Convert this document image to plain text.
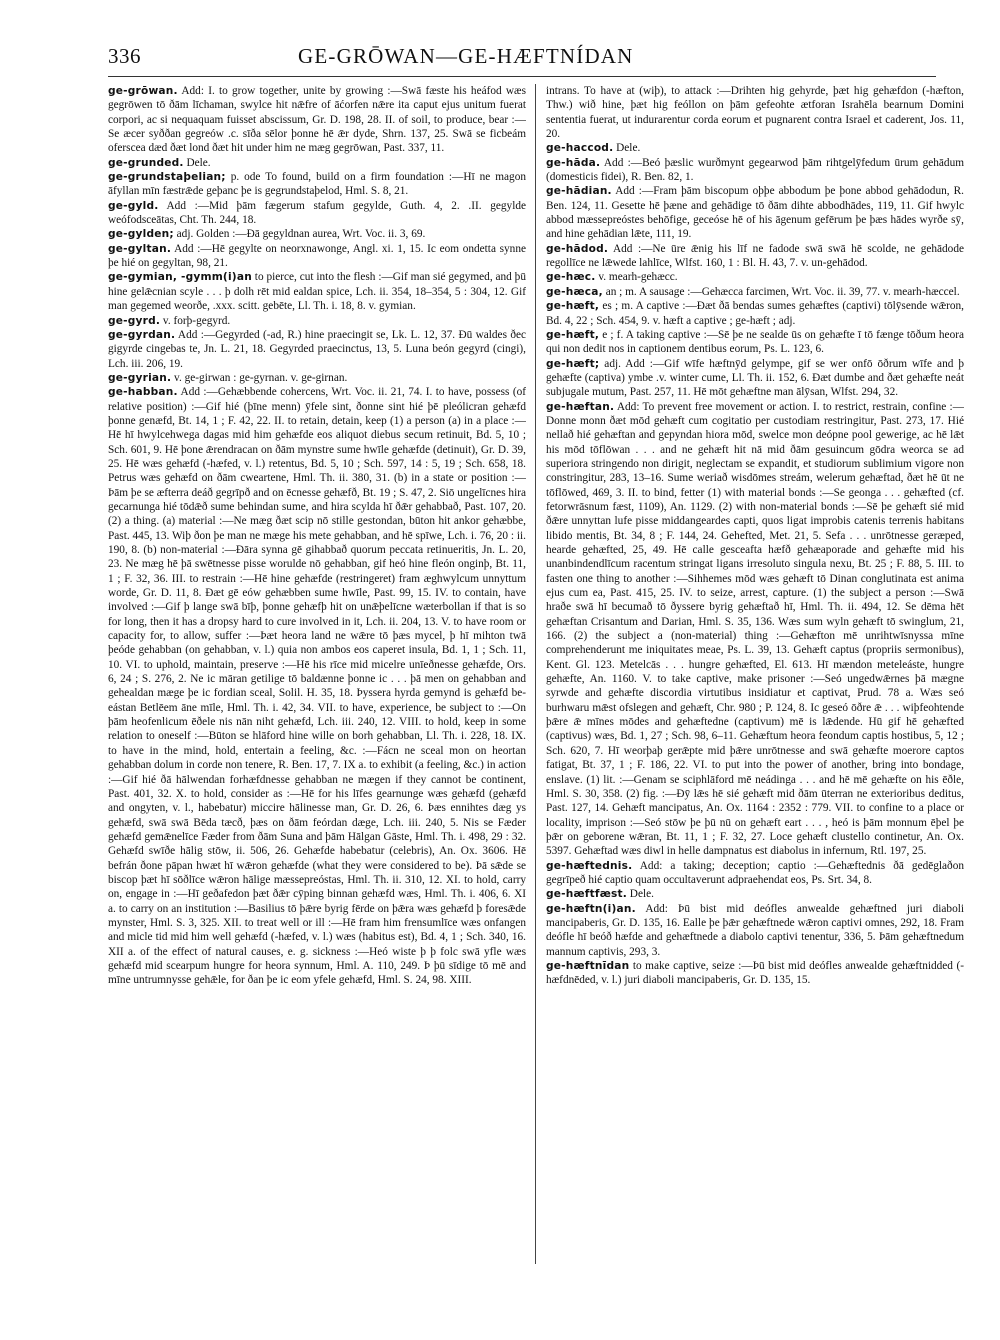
336	GE-GRŌWAN—GE-HÆFTNÍDAN

ge-grōwan. Add: I. to grow together, unite by growing :—Swā fæste his heáfod wæs gegrōwen tō ðām līchaman, swylce hit nǣfre of āćorfen nǣre ita caput ejus unitum fuerat corpori, ac si nequaquam fuisset abscissum, Gr. D. 198, 28. II. of soil, to produce, bear :—Se æcer syððan gegreów .c. sīða sēlor þonne hē ǣr dyde, Shrn. 137, 25. Swā se ficbeám oferscea dæd ðæt lond ðæt hit under him ne mæg gegrōwan, Past. 337, 11.

ge-grunded. Dele.

ge-grundstaþelian; p. ode To found, build on a firm foundation :—Hī ne magon āfyllan mīn fæstrǣde geþanc þe is gegrundstaþelod, Hml. S. 8, 21.

ge-gyld. Add :—Mid þām fægerum stafum gegylde, Guth. 4, 2. .II. gegylde weófodsceātas, Cht. Th. 244, 18.

ge-gylden; adj. Golden :—Ðā gegyldnan aurea, Wrt. Voc. ii. 3, 69.

ge-gyltan. Add :—Hē gegylte on neorxnawonge, Angl. xi. 1, 15. Ic eom ondetta synne þe hié on gegyltan, 98, 21.

ge-gymian, -gymm(i)an to pierce, cut into the flesh :—Gif man sié gegymed, and þū hine gelǣcnian scyle . . . þ dolh rēt mid ealdan spice, Lch. ii. 354, 18–354, 5 : 304, 12. Gif man gegemed weorðe, .xxx. scitt. gebēte, Ll. Th. i. 18, 8. v. gymian.

ge-gyrd. v. forþ-gegyrd.

ge-gyrdan. Add :—Gegyrded (-ad, R.) hine praecingit se, Lk. L. 12, 37. Ðū waldes ðec gigyrde cingebas te, Jn. L. 21, 18. Gegyrded praecinctus, 13, 5. Luna beón gegyrd (cingi), Lch. iii. 206, 19.

ge-gyrian. v. ge-girwan : ge-gyrnan. v. ge-girnan.

ge-habban. Add :—Gehæbbende cohercens, Wrt. Voc. ii. 21, 74. I. to have, possess (of relative position) :—Gif hié (þīne menn) ȳfele sint, ðonne sint hié þē pleólicran gehæfd þonne genæfd, Bt. 14, 1 ; F. 42, 22. II. to retain, detain, keep (1) a person (a) in a place :—Hē hī hwylcehwega dagas mid him gehæfde eos aliquot diebus secum retinuit, Bd. 5, 10 ; Sch. 601, 9. Hē þone ǣrendracan on ðām mynstre sume hwīle gehæfde (detinuit), Gr. D. 39, 25. Hē wæs gehæfd (-hæfed, v. l.) retentus, Bd. 5, 10 ; Sch. 597, 14 : 5, 19 ; Sch. 658, 18. Petrus wæs gehæfd on ðām cweartene, Hml. Th. ii. 380, 31. (b) in a state or position :—Þām þe se æfterra deáð gegrīpð and on ēcnesse gehæfð, Bt. 19 ; S. 47, 2. Siō ungelīcnes hira gecarnunga hié tōdǣð sume behindan sume, and hira scylda hī ðǣr gehabbað, Past. 107, 20. (2) a thing. (a) material :—Ne mæg ðæt scip nō stille gestondan, būton hit ankor gehæbbe, Past. 445, 13. Wiþ ðon þe man ne mæge his mete gehabban, and hē spīwe, Lch. i. 76, 20 : ii. 190, 8. (b) non-material :—Ðāra synna gē gihabbað quorum peccata retinueritis, Jn. L. 20, 23. Ne mæg hē þā swētnesse pisse worulde nō gehabban, gif heó hine fleón onginþ, Bt. 11, 1 ; F. 32, 36. III. to restrain :—Hē hine gehæfde (restringeret) fram æghwylcum unnyttum worde, Gr. D. 11, 8. Ðæt gē eów gehæbben sume hwīle, Past. 99, 15. IV. to contain, have involved :—Gif þ lange swā bīþ, þonne gehæfþ hit on unǣþelīcne wæterbollan if that is so for long, then it has a dropsy hard to cure involved in it, Lch. ii. 204, 13. V. to have room or capacity for, to allow, suffer :—Þæt heora land ne wǣre tō þæs mycel, þ hī mihton twā þeóde gehabban (on gehabban, v. l.) quia non ambos eos caperet insula, Bd. 1, 1 ; Sch. 11, 10. VI. to uphold, maintain, preserve :—Hē his rīce mid micelre unīeðnesse gehæfde, Ors. 6, 24 ; S. 276, 2. Ne ic māran getilige tō baldænne þonne ic . . . þā men on gehabban and gehealdan mæge þe ic fordian sceal, Solil. H. 35, 18. Þyssera hyrda gemynd is gehæfd be-eástan Betlēem āne mīle, Hml. Th. i. 42, 34. VII. to have, experience, be subject to :—On þām heofenlicum ēðele nis nān niht gehæfd, Lch. iii. 240, 12. VIII. to hold, keep in some relation to oneself :—Būton se hlāford hine wille on borh gehabban, Ll. Th. i. 228, 18. IX. to have in the mind, hold, entertain a feeling, &c. :—Fácn ne sceal mon on heortan gehabban dolum in corde non tenere, R. Ben. 17, 7. IX a. to exhibit (a feeling, &c.) in action :—Gif hié ðā hālwendan forhæfdnesse gehabban ne mægen if they cannot be continent, Past. 401, 32. X. to hold, consider as :—Hē for his līfes gearnunge wæs gehæfd (gehæfd and ongyten, v. l., habebatur) miccire hālinesse man, Gr. D. 26, 6. Þæs ennihtes dæg ys gehæfd, swā swā Bēda tæcð, þæs on ðām feórdan dæge, Lch. iii. 240, 5. Nis se Fæder gehæfd gemǣnelīce Fæder from ðām Suna and þām Hālgan Gāste, Hml. Th. i. 498, 29 : 32. Gehæfd swīðe hālig stōw, ii. 506, 26. Gehæfde habebatur (celebris), An. Ox. 3606. Hē befrán ðone pāpan hwæt hī wǣron gehæfde (what they were considered to be). Þā sǣde se biscop þæt hī sōðlīce wǣron hālige mæssepreóstas, Hml. Th. ii. 310, 12. XI. to hold, carry on, engage in :—Hī geðafedon þæt ðǣr cȳping binnan gehæfd wæs, Hml. Th. i. 406, 6. XI a. to carry on an institution :—Basilius tō þǣre byrig fērde on þǣra wæs gehæfd þ foresǣde mynster, Hml. S. 3, 325. XII. to treat well or ill :—Hē fram him frensumlīce wæs onfangen and micle tid mid him well gehæfd (-hæfed, v. l.) wæs (habitus est), Bd. 4, 1 ; Sch. 340, 16. XII a. of the effect of natural causes, e. g. sickness :—Heó wiste þ þ folc swā yfle wæs gehæfd mid scearpum hungre for heora synnum, Hml. A. 110, 249. Þ þū sīdige tō mē and mīne untrumnysse gehǣle, for ðan þe ic eom yfele gehæfd, Hml. S. 24, 98. XIII.

intrans. To have at (wiþ), to attack :—Drihten hig gehyrde, þæt hig gehæfdon (-hæfton, Thw.) wið hine, þæt hig feóllon on þām gefeohte ætforan Israhēla bearnum Domini sententia fuerat, ut indurarentur corda eorum et pugnarent contra Israel et caderent, Jos. 11, 20.

ge-haccod. Dele.

ge-hāda. Add :—Beó þæslic wurðmynt gegearwod þām rihtgelȳfedum ūrum gehādum (domesticis fidei), R. Ben. 82, 1.

ge-hādian. Add :—Fram þām biscopum oþþe abbodum þe þone abbod gehādodun, R. Ben. 124, 11. Gesette hē þæne and gehādige tō ðām dihte abbodhādes, 119, 11. Gif hwylc abbod mæssepreóstes behōfige, geceóse hē of his āgenum gefērum þe þæs hādes wyrðe sȳ, and hine gehādian lǣte, 111, 19.

ge-hādod. Add :—Ne ūre ǣnig his līf ne fadode swā swā hē scolde, ne gehādode regollīce ne lǣwede lahlīce, Wlfst. 160, 1 : Bl. H. 43, 7. v. un-gehādod.

ge-hæc. v. mearh-gehæcc.

ge-hæca, an ; m. A sausage :—Gehæcca farcimen, Wrt. Voc. ii. 39, 77. v. mearh-hæccel.

ge-hæft, es ; m. A captive :—Ðæt ðā bendas sumes gehæftes (captivi) tōlȳsende wǣron, Bd. 4, 22 ; Sch. 454, 9. v. hæft a captive ; ge-hæft ; adj.

ge-hæft, e ; f. A taking captive :—Sē þe ne sealde ūs on gehæfte ī tō fænge tōðum heora qui non dedit nos in captionem dentibus eorum, Ps. L. 123, 6.

ge-hæft; adj. Add :—Gif wīfe hæftnȳd gelympe, gif se wer onfō ōðrum wīfe and þ gehæfte (captiva) ymbe .v. winter cume, Ll. Th. ii. 152, 6. Ðæt dumbe and ðæt gehæfte neát subjugale mutum, Past. 257, 11. Hē mōt gehæftne man ālȳsan, Wlfst. 294, 32.

ge-hæftan. Add: To prevent free movement or action. I. to restrict, restrain, confine :—Donne monn ðæt mōd gehæft cum cogitatio per custodiam restringitur, Past. 273, 17. Hié nellað hié gehæftan and gepyndan hiora mōd, swelce mon deópne pool gewerige, ac hē lǣt his mōd tōflōwan . . . and ne gehæft hit nā mid ðām gesuincum gōdra weorca se ad superiora stringendo non dirigit, neglectam se expandit, et studiorum sublimium vigore non constringitur, 283, 13–16. Sume weriað wisdōmes streám, welerum gehæftad, ðæt hē ūt ne tōflōwed, 469, 3. II. to bind, fetter (1) with material bonds :—Se geonga . . . gehæfted (cf. fetorwrāsnum fæst, 1109), An. 1129. (2) with non-material bonds :—Sē þe gehæft sié mid ðǣre unnyttan lufe pisse middangeardes capti, quos ligat improbis catenis terrenis habitans libido mentis, Bt. 34, 8 ; F. 144, 24. Gehefted, Met. 21, 5. Sefa . . . unrōtnesse geræped, hearde gehæfted, 25, 49. Hē calle gesceafta hæfð gehæaporade and gehæfte mid his unanbindendlīcum racentum stringat ligans irresoluto singula nexu, Bt. 25 ; F. 88, 5. III. to fasten one thing to another :—Sihhemes mōd wæs gehæft tō Dinan conglutinata est anima ejus cum ea, Past. 415, 25. IV. to seize, arrest, capture. (1) the subject a person :—Swā hraðe swā hī becumað tō ðyssere byrig gehæftað hī, Hml. Th. ii. 494, 12. Se dēma hēt gehæftan Crisantum and Darian, Hml. S. 35, 136. Wæs sum wyln gehæft tō swinglum, 21, 166. (2) the subject a (non-material) thing :—Gehæfton mē unrihtwīsnyssa mīne comprehenderunt me iniquitates meae, Ps. L. 39, 13. Gehæft captus (propriis sermonibus), Kent. Gl. 123. Metelcās . . . hungre gehæfted, El. 613. Hī mændon meteleáste, hungre gehæfte, An. 1160. V. to take captive, make prisoner :—Seó ungedwǣrnes þā mægne syrwde and gehæfte discordia virtutibus insidiatur et captivat, Prud. 78 a. Wæs seó burhwaru mǣst ofslegen and gehæft, Chr. 980 ; P. 124, 8. Ic geseó ōðre ǣ . . . wiþfeohtende þǣre ǣ mīnes mōdes and gehæftedne (captivum) mē is lǣdende. Hū gif hē gehæfted (captivus) wæs, Bd. 1, 27 ; Sch. 98, 6–11. Gehæftum heora feondum captis hostibus, 5, 12 ; Sch. 620, 7. Hī weorþaþ gerǣpte mid þǣre unrōtnesse and swā gehæfte moerore captos fatigat, Bt. 37, 1 ; F. 186, 22. VI. to put into the power of another, bring into bondage, enslave. (1) lit. :—Genam se sciphlāford mē neádinga . . . and hē mē gehæfte on his ēðle, Hml. S. 30, 358. (2) fig. :—Ðȳ lǣs hē sié gehæft mid ðām ūterran ne exterioribus deditus, Past. 127, 14. Gehæft mancipatus, An. Ox. 1164 : 2352 : 779. VII. to confine to a place or locality, imprison :—Seó stōw þe þū nū on gehæft eart . . . , heó is þām monnum ēþel þe þǣr on geborene wǣran, Bt. 11, 1 ; F. 32, 27. Loce gehæft clustello continetur, An. Ox. 5397. Gehæftad wæs diwl in helle dampnatus est diabolus in infernum, Rtl. 197, 25.

ge-hæftednis. Add: a taking; deception; captio :—Gehæftednis ðā gedēglaðon gegrīpeð hié captio quam occultaverunt adpraehendat eos, Ps. Srt. 34, 8.

ge-hæftfæst. Dele.

ge-hæftn(i)an. Add: Þū bist mid deófles anwealde gehæftned juri diaboli mancipaberis, Gr. D. 135, 16. Ealle þe þǣr gehæftnede wǣron captivi omnes, 292, 18. Fram deófle hī beóð hæfde and gehæftnede a diabolo captivi tenentur, 336, 5. Þām gehæftnedum mannum captivis, 293, 3.

ge-hæftnīdan to make captive, seize :—Þū bist mid deófles anwealde gehæftnidded (-hæfdnēded, v. l.) juri diaboli mancipaberis, Gr. D. 135, 15.
